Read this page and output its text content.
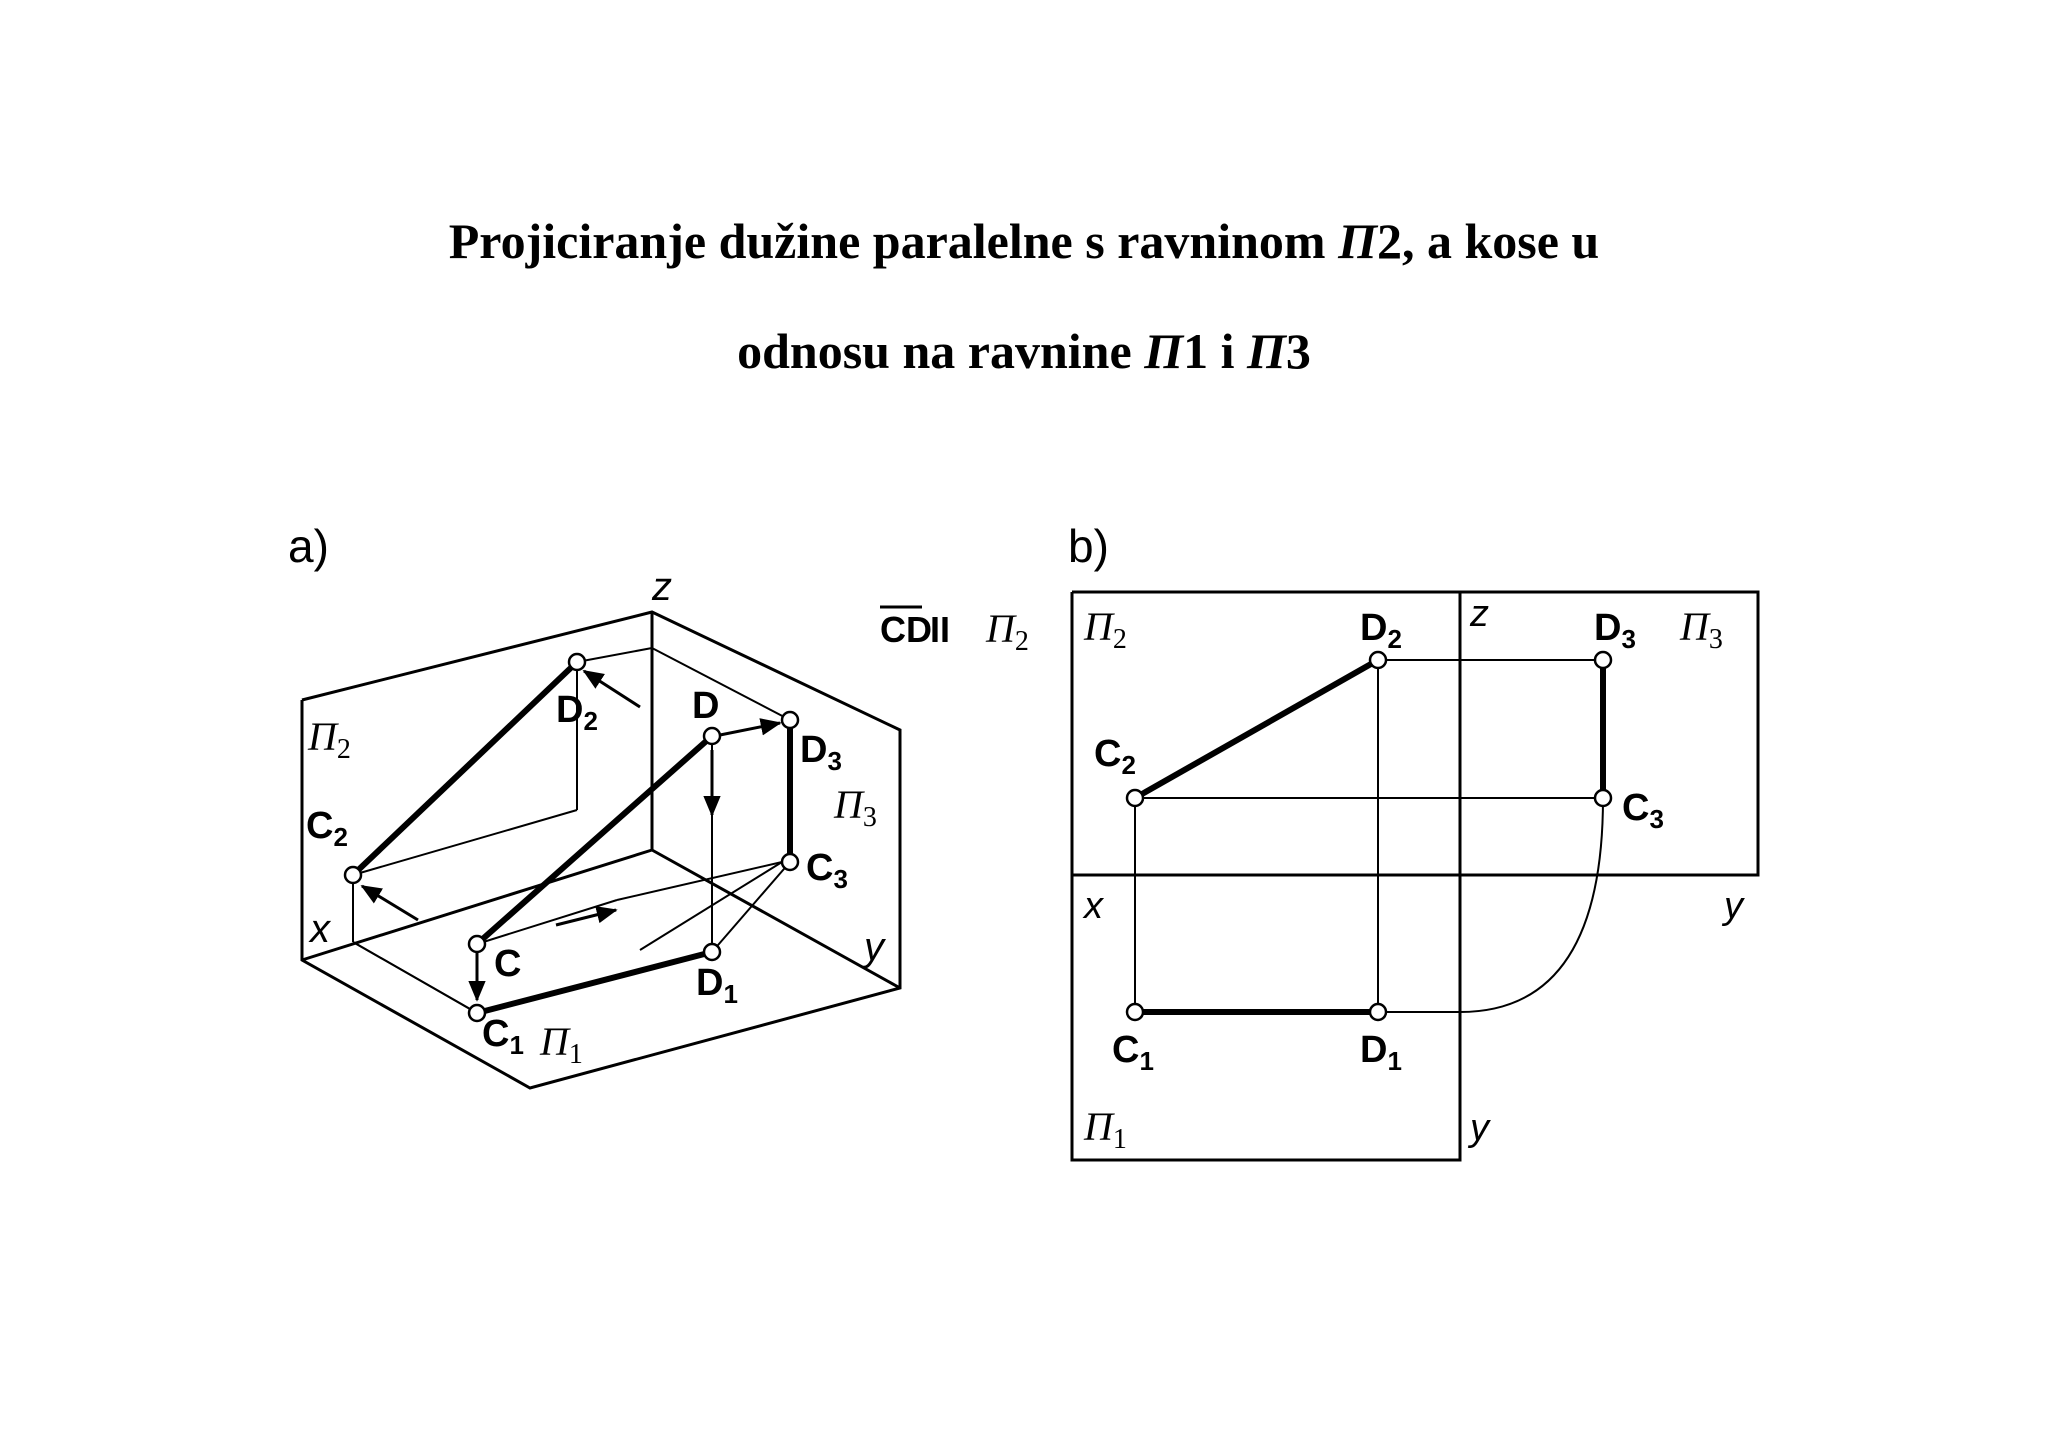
Projiciranje dužine paralelne s ravninom Π2, a kose u
odnosu na ravnine Π1 i Π3
a)
z
x	y
$\Pi_2$
$\Pi_3$
$\Pi_1$
$D_2$ D
$D_3$
$C_2$
$C_3$
C	$D_1$
$C_1$
b)
CD
II $\Pi_2$ $\Pi_2$	$\Pi_3$
$\Pi_1$
z
x	y
y
$D_2$	$D_3$
$C_2$
$C_3$
$C_1$	$D_1$
